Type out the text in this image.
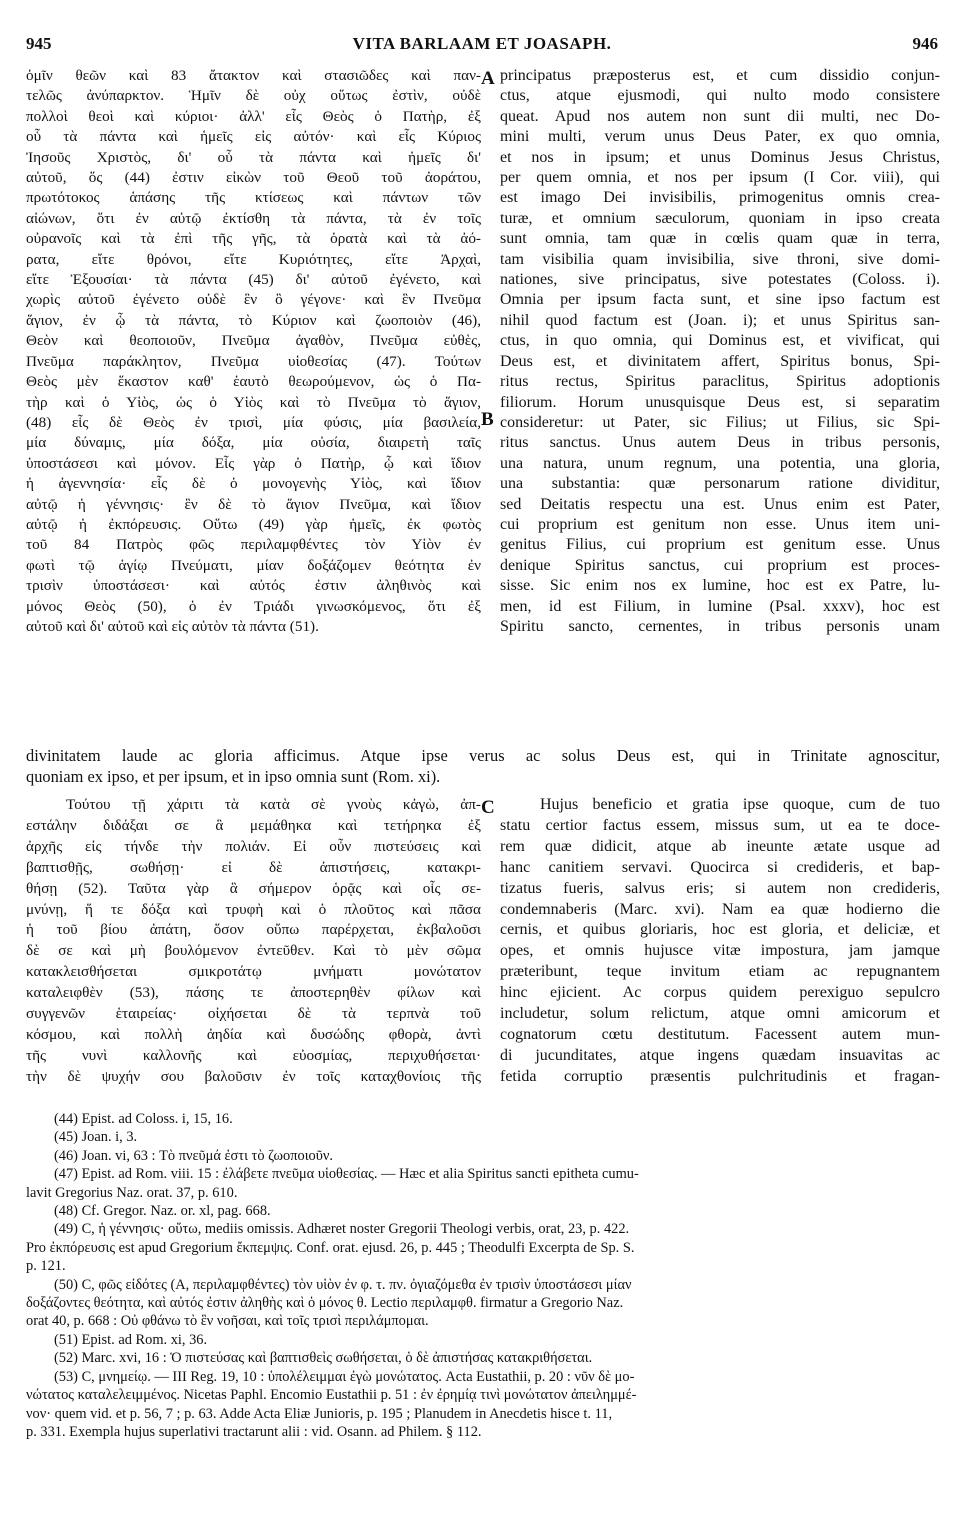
945	VITA BARLAAM ET JOASAPH.	946
A
B
C
ὁμῖν θεῶν καὶ 83 ἄτακτον καὶ στασιῶδες καὶ παν-
τελῶς ἀνύπαρκτον. Ἡμῖν δὲ οὐχ οὕτως ἐστὶν, οὐδὲ
πολλοὶ θεοὶ καὶ κύριοι· ἀλλ' εἷς Θεὸς ὁ Πατὴρ, ἐξ
οὗ τὰ πάντα καὶ ἡμεῖς εἰς αὐτόν· καὶ εἷς Κύριος
Ἰησοῦς Χριστὸς, δι' οὗ τὰ πάντα καὶ ἡμεῖς δι'
αὐτοῦ, ὅς (44) ἐστιν εἰκὼν τοῦ Θεοῦ τοῦ ἀοράτου,
πρωτότοκος ἁπάσης τῆς κτίσεως καὶ πάντων τῶν
αἰώνων, ὅτι ἐν αὐτῷ ἐκτίσθη τὰ πάντα, τὰ ἐν τοῖς
οὐρανοῖς καὶ τὰ ἐπὶ τῆς γῆς, τὰ ὁρατὰ καὶ τὰ ἀό-
ρατα, εἴτε θρόνοι, εἴτε Κυριότητες, εἴτε Ἀρχαὶ,
εἴτε Ἐξουσίαι· τὰ πάντα (45) δι' αὐτοῦ ἐγένετο, καὶ
χωρὶς αὐτοῦ ἐγένετο οὐδὲ ἓν ὃ γέγονε· καὶ ἓν Πνεῦμα
ἅγιον, ἐν ᾧ τὰ πάντα, τὸ Κύριον καὶ ζωοποιὸν (46),
Θεὸν καὶ θεοποιοῦν, Πνεῦμα ἀγαθὸν, Πνεῦμα εὐθὲς,
Πνεῦμα παράκλητον, Πνεῦμα υἱοθεσίας (47). Τούτων
Θεὸς μὲν ἕκαστον καθ' ἑαυτὸ θεωρούμενον, ὡς ὁ Πα-
τὴρ καὶ ὁ Υἱὸς, ὡς ὁ Υἱὸς καὶ τὸ Πνεῦμα τὸ ἅγιον,
(48) εἷς δὲ Θεὸς ἐν τρισὶ, μία φύσις, μία βασιλεία,
μία δύναμις, μία δόξα, μία οὐσία, διαιρετὴ ταῖς
ὑποστάσεσι καὶ μόνον. Εἷς γὰρ ὁ Πατὴρ, ᾧ καὶ ἴδιον
ἡ ἀγεννησία· εἷς δὲ ὁ μονογενὴς Υἱὸς, καὶ ἴδιον
αὐτῷ ἡ γέννησις· ἓν δὲ τὸ ἅγιον Πνεῦμα, καὶ ἴδιον
αὐτῷ ἡ ἐκπόρευσις. Οὕτω (49) γὰρ ἡμεῖς, ἐκ φωτὸς
τοῦ 84 Πατρὸς φῶς περιλαμφθέντες τὸν Υἱὸν ἐν
φωτὶ τῷ ἁγίῳ Πνεύματι, μίαν δοξάζομεν θεότητα ἐν
τρισὶν ὑποστάσεσι· καὶ αὐτός ἐστιν ἀληθινὸς καὶ
μόνος Θεὸς (50), ὁ ἐν Τριάδι γινωσκόμενος, ὅτι ἐξ
αὐτοῦ καὶ δι' αὐτοῦ καὶ εἰς αὐτὸν τὰ πάντα (51).
principatus præposterus est, et cum dissidio conjun-
ctus, atque ejusmodi, qui nulto modo consistere
queat. Apud nos autem non sunt dii multi, nec Do-
mini multi, verum unus Deus Pater, ex quo omnia,
et nos in ipsum; et unus Dominus Jesus Christus,
per quem omnia, et nos per ipsum (I Cor. viii), qui
est imago Dei invisibilis, primogenitus omnis crea-
turæ, et omnium sæculorum, quoniam in ipso creata
sunt omnia, tam quæ in cœlis quam quæ in terra,
tam visibilia quam invisibilia, sive throni, sive domi-
nationes, sive principatus, sive potestates (Coloss. i).
Omnia per ipsum facta sunt, et sine ipso factum est
nihil quod factum est (Joan. i); et unus Spiritus san-
ctus, in quo omnia, qui Dominus est, et vivificat, qui
Deus est, et divinitatem affert, Spiritus bonus, Spi-
ritus rectus, Spiritus paraclitus, Spiritus adoptionis
filiorum. Horum unusquisque Deus est, si separatim
consideretur: ut Pater, sic Filius; ut Filius, sic Spi-
ritus sanctus. Unus autem Deus in tribus personis,
una natura, unum regnum, una potentia, una gloria,
una substantia: quæ personarum ratione dividitur,
sed Deitatis respectu una est. Unus enim est Pater,
cui proprium est genitum non esse. Unus item uni-
genitus Filius, cui proprium est genitum esse. Unus
denique Spiritus sanctus, cui proprium est proces-
sisse. Sic enim nos ex lumine, hoc est ex Patre, lu-
men, id est Filium, in lumine (Psal. xxxv), hoc est
Spiritu sancto, cernentes, in tribus personis unam
divinitatem laude ac gloria afficimus. Atque ipse verus ac solus Deus est, qui in Trinitate agnoscitur,
quoniam ex ipso, et per ipsum, et in ipso omnia sunt (Rom. xi).
Τούτου τῇ χάριτι τὰ κατὰ σὲ γνοὺς κἀγὼ, ἀπ-
εστάλην διδάξαι σε ἃ μεμάθηκα καὶ τετήρηκα ἐξ
ἀρχῆς εἰς τήνδε τὴν πολιάν. Εἰ οὖν πιστεύσεις καὶ
βαπτισθῇς, σωθήσῃ· εἰ δὲ ἀπιστήσεις, κατακρι-
θήσῃ (52). Ταῦτα γὰρ ἃ σήμερον ὁρᾷς καὶ οἷς σε-
μνύνῃ, ἥ τε δόξα καὶ τρυφὴ καὶ ὁ πλοῦτος καὶ πᾶσα
ἡ τοῦ βίου ἀπάτη, ὅσον οὔπω παρέρχεται, ἐκβαλοῦσι
δὲ σε καὶ μὴ βουλόμενον ἐντεῦθεν. Καὶ τὸ μὲν σῶμα
κατακλεισθήσεται σμικροτάτῳ μνήματι μονώτατον
καταλειφθὲν (53), πάσης τε ἀποστερηθὲν φίλων καὶ
συγγενῶν ἑταιρείας· οἰχήσεται δὲ τὰ τερπνὰ τοῦ
κόσμου, καὶ πολλὴ ἀηδία καὶ δυσώδης φθορὰ, ἀντὶ
τῆς νυνὶ καλλονῆς καὶ εὐοσμίας, περιχυθήσεται·
τὴν δὲ ψυχήν σου βαλοῦσιν ἐν τοῖς καταχθονίοις τῆς
Hujus beneficio et gratia ipse quoque, cum de tuo
statu certior factus essem, missus sum, ut ea te doce-
rem quæ didicit, atque ab ineunte ætate usque ad
hanc canitiem servavi. Quocirca si credideris, et bap-
tizatus fueris, salvus eris; si autem non credideris,
condemnaberis (Marc. xvi). Nam ea quæ hodierno die
cernis, et quibus gloriaris, hoc est gloria, et deliciæ, et
opes, et omnis hujusce vitæ impostura, jam jamque
præteribunt, teque invitum etiam ac repugnantem
hinc ejicient. Ac corpus quidem perexiguo sepulcro
includetur, solum relictum, atque omni amicorum et
cognatorum cœtu destitutum. Facessent autem mun-
di jucunditates, atque ingens quædam insuavitas ac
fetida corruptio præsentis pulchritudinis et fragan-
(44) Epist. ad Coloss. i, 15, 16.
(45) Joan. i, 3.
(46) Joan. vi, 63 : Τὸ πνεῦμά ἐστι τὸ ζωοποιοῦν.
(47) Epist. ad Rom. viii. 15 : ἐλάβετε πνεῦμα υἱοθεσίας. — Hæc et alia Spiritus sancti epitheta cumu-
lavit Gregorius Naz. orat. 37, p. 610.
(48) Cf. Gregor. Naz. or. xl, pag. 668.
(49) C, ἡ γέννησις· οὕτω, mediis omissis. Adhæret noster Gregorii Theologi verbis, orat, 23, p. 422.
Pro ἐκπόρευσις est apud Gregorium ἔκπεμψις. Conf. orat. ejusd. 26, p. 445 ; Theodulfi Excerpta de Sp. S.
p. 121.
(50) C, φῶς εἰδότες (A, περιλαμφθέντες) τὸν υἱὸν ἐν φ. τ. πν. ὀγιαζόμεθα ἐν τρισὶν ὑποστάσεσι μίαν
δοξάζοντες θεότητα, καὶ αὐτός ἐστιν ἀληθὴς καὶ ὁ μόνος θ. Lectio περιλαμφθ. firmatur a Gregorio Naz.
orat 40, p. 668 : Οὐ φθάνω τὸ ἓν νοῆσαι, καὶ τοῖς τρισὶ περιλάμπομαι.
(51) Epist. ad Rom. xi, 36.
(52) Marc. xvi, 16 : Ὁ πιστεύσας καὶ βαπτισθεὶς σωθήσεται, ὁ δὲ ἀπιστήσας κατακριθήσεται.
(53) C, μνημείῳ. — III Reg. 19, 10 : ὑπολέλειμμαι ἐγὼ μονώτατος. Acta Eustathii, p. 20 : νῦν δὲ μο-
νώτατος καταλελειμμένος. Nicetas Paphl. Encomio Eustathii p. 51 : ἐν ἐρημίᾳ τινὶ μονώτατον ἀπειλημμέ-
νον· quem vid. et p. 56, 7 ; p. 63. Adde Acta Eliæ Junioris, p. 195 ; Planudem in Anecdetis hisce t. 11,
p. 331. Exempla hujus superlativi tractarunt alii : vid. Osann. ad Philem. § 112.
